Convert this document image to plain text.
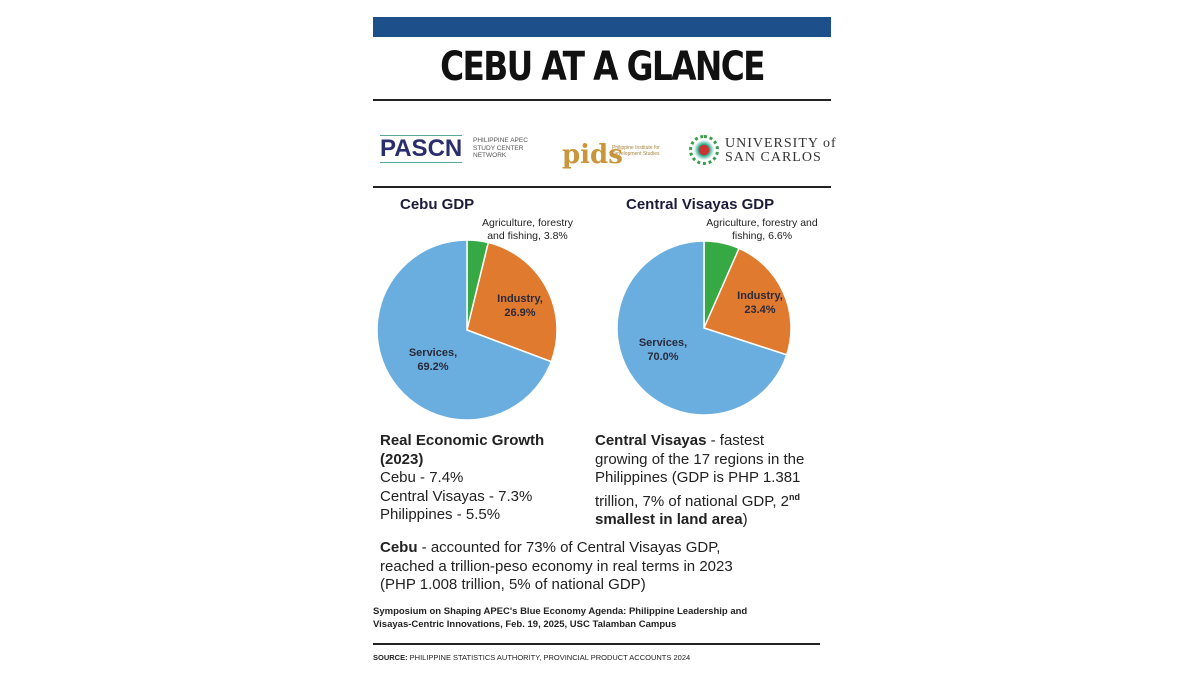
CEBU AT A GLANCE
PASCN PHILIPPINE APEC STUDY CENTER NETWORK	pids
Philippine Institute for Development Studies
UNIVERSITY of
SAN CARLOS
Cebu GDP	Central Visayas GDP
Agriculture, forestry
and fishing, 3.8%
Industry,
26.9%
Services,
69.2%
Agriculture, forestry and
fishing, 6.6%
Industry,
23.4%
Services,
70.0%
Real Economic Growth
(2023)
Cebu - 7.4%
Central Visayas - 7.3%
Philippines - 5.5%
Central Visayas - fastest
growing of the 17 regions in the
Philippines (GDP is PHP 1.381
trillion, 7% of national GDP, 2nd
smallest in land area)
Cebu - accounted for 73% of Central Visayas GDP,
reached a trillion-peso economy in real terms in 2023
(PHP 1.008 trillion, 5% of national GDP)
Symposium on Shaping APEC's Blue Economy Agenda: Philippine Leadership and
Visayas-Centric Innovations, Feb. 19, 2025, USC Talamban Campus
SOURCE: PHILIPPINE STATISTICS AUTHORITY, PROVINCIAL PRODUCT ACCOUNTS 2024
